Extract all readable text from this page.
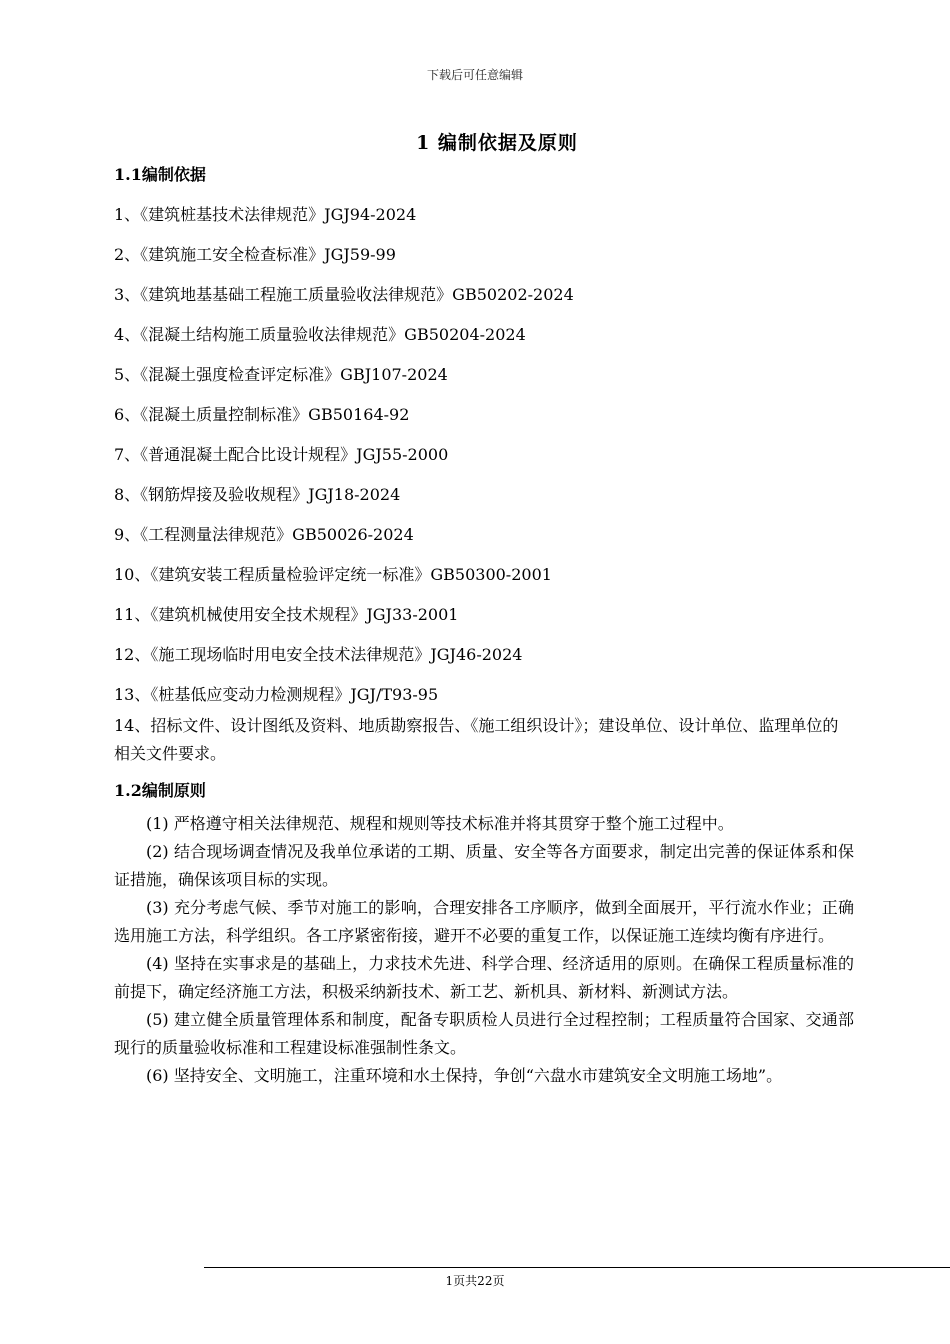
下载后可任意编辑
1 编制依据及原则
1.1编制依据
1、《建筑桩基技术法律规范》JGJ94-2024
2、《建筑施工安全检查标准》JGJ59-99
3、《建筑地基基础工程施工质量验收法律规范》GB50202-2024
4、《混凝土结构施工质量验收法律规范》GB50204-2024
5、《混凝土强度检查评定标准》GBJ107-2024
6、《混凝土质量控制标准》GB50164-92
7、《普通混凝土配合比设计规程》JGJ55-2000
8、《钢筋焊接及验收规程》JGJ18-2024
9、《工程测量法律规范》GB50026-2024
10、《建筑安装工程质量检验评定统一标准》GB50300-2001
11、《建筑机械使用安全技术规程》JGJ33-2001
12、《施工现场临时用电安全技术法律规范》JGJ46-2024
13、《桩基低应变动力检测规程》JGJ/T93-95
14、招标文件、设计图纸及资料、地质勘察报告、《施工组织设计》；建设单位、设计单位、监理单位的相关文件要求。
1.2编制原则

(1) 严格遵守相关法律规范、规程和规则等技术标准并将其贯穿于整个施工过程中。

(2) 结合现场调查情况及我单位承诺的工期、质量、安全等各方面要求，制定出完善的保证体系和保证措施，确保该项目标的实现。

(3) 充分考虑气候、季节对施工的影响，合理安排各工序顺序，做到全面展开，平行流水作业；正确选用施工方法，科学组织。各工序紧密衔接，避开不必要的重复工作，以保证施工连续均衡有序进行。

(4) 坚持在实事求是的基础上，力求技术先进、科学合理、经济适用的原则。在确保工程质量标准的前提下，确定经济施工方法，积极采纳新技术、新工艺、新机具、新材料、新测试方法。

(5) 建立健全质量管理体系和制度，配备专职质检人员进行全过程控制；工程质量符合国家、交通部现行的质量验收标准和工程建设标准强制性条文。

(6) 坚持安全、文明施工，注重环境和水土保持，争创“六盘水市建筑安全文明施工场地”。

1页共22页
